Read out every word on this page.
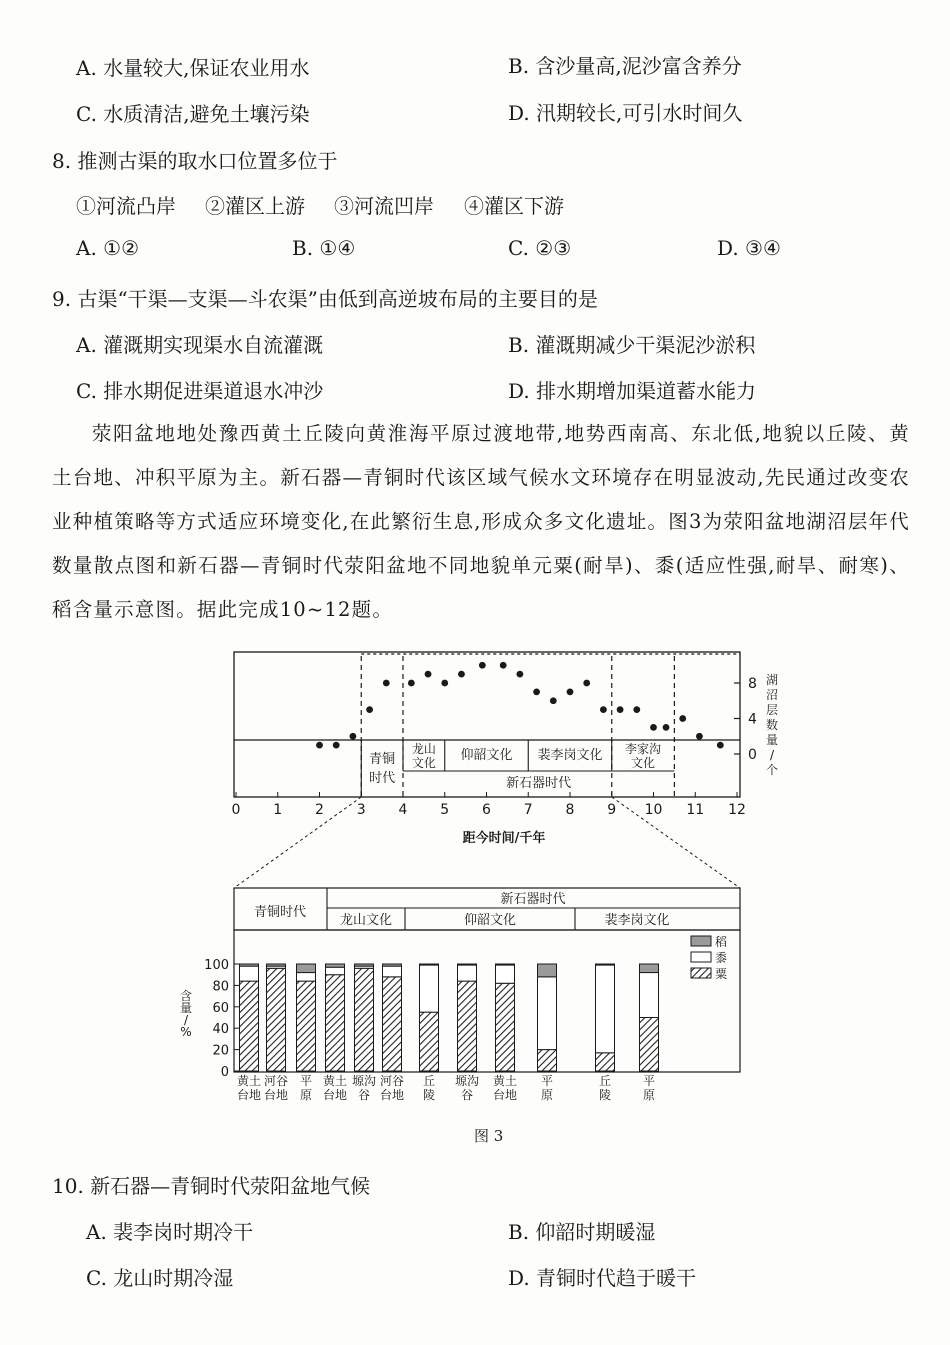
A. 水量较大,保证农业用水	B. 含沙量高,泥沙富含养分
C. 水质清洁,避免土壤污染	D. 汛期较长,可引水时间久
8. 推测古渠的取水口位置多位于
①河流凸岸 ②灌区上游 ③河流凹岸 ④灌区下游
A. ①②	B. ①④	C. ②③	D. ③④
9. 古渠“干渠—支渠—斗农渠”由低到高逆坡布局的主要目的是
A. 灌溉期实现渠水自流灌溉	B. 灌溉期减少干渠泥沙淤积
C. 排水期促进渠道退水冲沙	D. 排水期增加渠道蓄水能力
荥阳盆地地处豫西黄土丘陵向黄淮海平原过渡地带,地势西南高、东北低,地貌以丘陵、黄土台地、冲积平原为主。新石器—青铜时代该区域气候水文环境存在明显波动,先民通过改变农业种植策略等方式适应环境变化,在此繁衍生息,形成众多文化遗址。图3为荥阳盆地湖沼层年代数量散点图和新石器—青铜时代荥阳盆地不同地貌单元粟(耐旱)、黍(适应性强,耐旱、耐寒)、稻含量示意图。据此完成10~12题。
0
4
8 湖
沼
层
数
量
/
个
0 1 2 3 4 5 6 7 8 9 10 11 12
距今时间/千年
青铜
时代
龙山
文化 仰韶文化 裴李岗文化 李家沟
文化
新石器时代
青铜时代
新石器时代
龙山文化	仰韶文化	裴李岗文化
0
20
40
60
80
100
含
量
/
%
黄土
台地
河谷
台地
平
原
黄土
台地
塬沟
谷
河谷
台地
丘
陵
塬沟
谷
黄土
台地
平
原
丘
陵
平
原
稻
黍
粟
图 3
10. 新石器—青铜时代荥阳盆地气候
A. 裴李岗时期冷干	B. 仰韶时期暖湿
C. 龙山时期冷湿	D. 青铜时代趋于暖干
